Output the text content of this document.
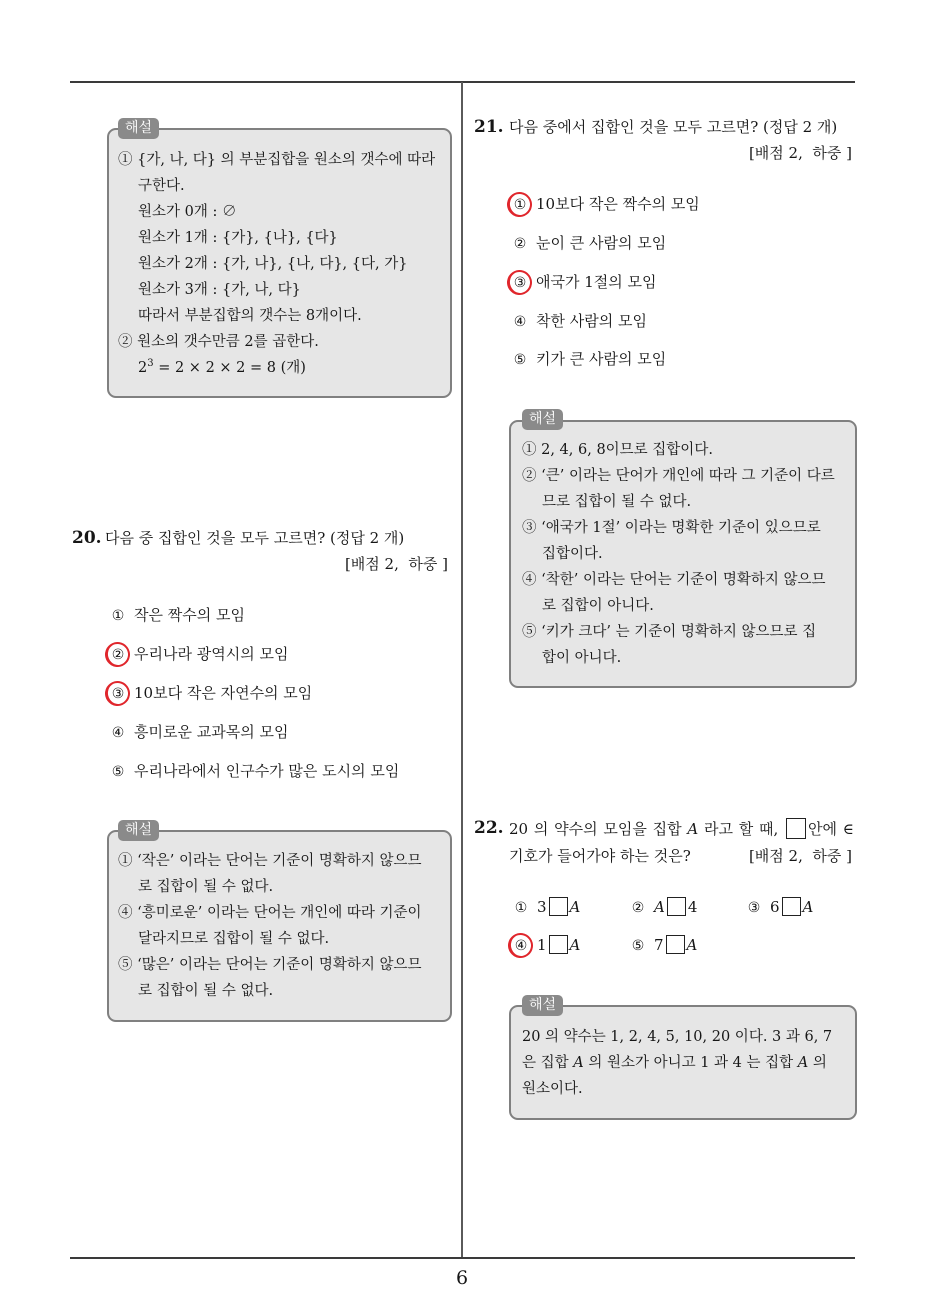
6
① {가, 나, 다} 의 부분집합을 원소의 갯수에 따라
구한다.
원소가 0개 : ∅
원소가 1개 : {가}, {나}, {다}
원소가 2개 : {가, 나}, {나, 다}, {다, 가}
원소가 3개 : {가, 나, 다}
따라서 부분집합의 갯수는 8개이다.
② 원소의 갯수만큼 2를 곱한다.
$2^3 = 2 \times 2 \times 2 = 8$ (개)
해설
20. 다음 중 집합인 것을 모두 고르면? (정답 2 개)
[배점 2,  하중 ]
① 작은 짝수의 모임
② 우리나라 광역시의 모임
③ 10보다 작은 자연수의 모임
④ 흥미로운 교과목의 모임
⑤ 우리나라에서 인구수가 많은 도시의 모임
① ‘작은’ 이라는 단어는 기준이 명확하지 않으므
로 집합이 될 수 없다.
④ ‘흥미로운’ 이라는 단어는 개인에 따라 기준이
달라지므로 집합이 될 수 없다.
⑤ ‘많은’ 이라는 단어는 기준이 명확하지 않으므
로 집합이 될 수 없다.
해설
21. 다음 중에서 집합인 것을 모두 고르면? (정답 2 개)
[배점 2,  하중 ]
① 10보다 작은 짝수의 모임
② 눈이 큰 사람의 모임
③ 애국가 1절의 모임
④ 착한 사람의 모임
⑤ 키가 큰 사람의 모임
① 2, 4, 6, 8이므로 집합이다.
② ‘큰’ 이라는 단어가 개인에 따라 그 기준이 다르
므로 집합이 될 수 없다.
③ ‘애국가 1절’ 이라는 명확한 기준이 있으므로
집합이다.
④ ‘착한’ 이라는 단어는 기준이 명확하지 않으므
로 집합이 아니다.
⑤ ‘키가 크다’ 는 기준이 명확하지 않으므로 집
합이 아니다.
해설
22. 20 의 약수의 모임을 집합 A 라고 할 때, 안에 ∈
기호가 들어가야 하는 것은?	[배점 2,  하중 ]
① 3 A	② A 4	③ 6 A
④ 1 A	⑤ 7 A
20 의 약수는 1, 2, 4, 5, 10, 20 이다. 3 과 6, 7
은 집합 A 의 원소가 아니고 1 과 4 는 집합 A 의
원소이다.
해설
